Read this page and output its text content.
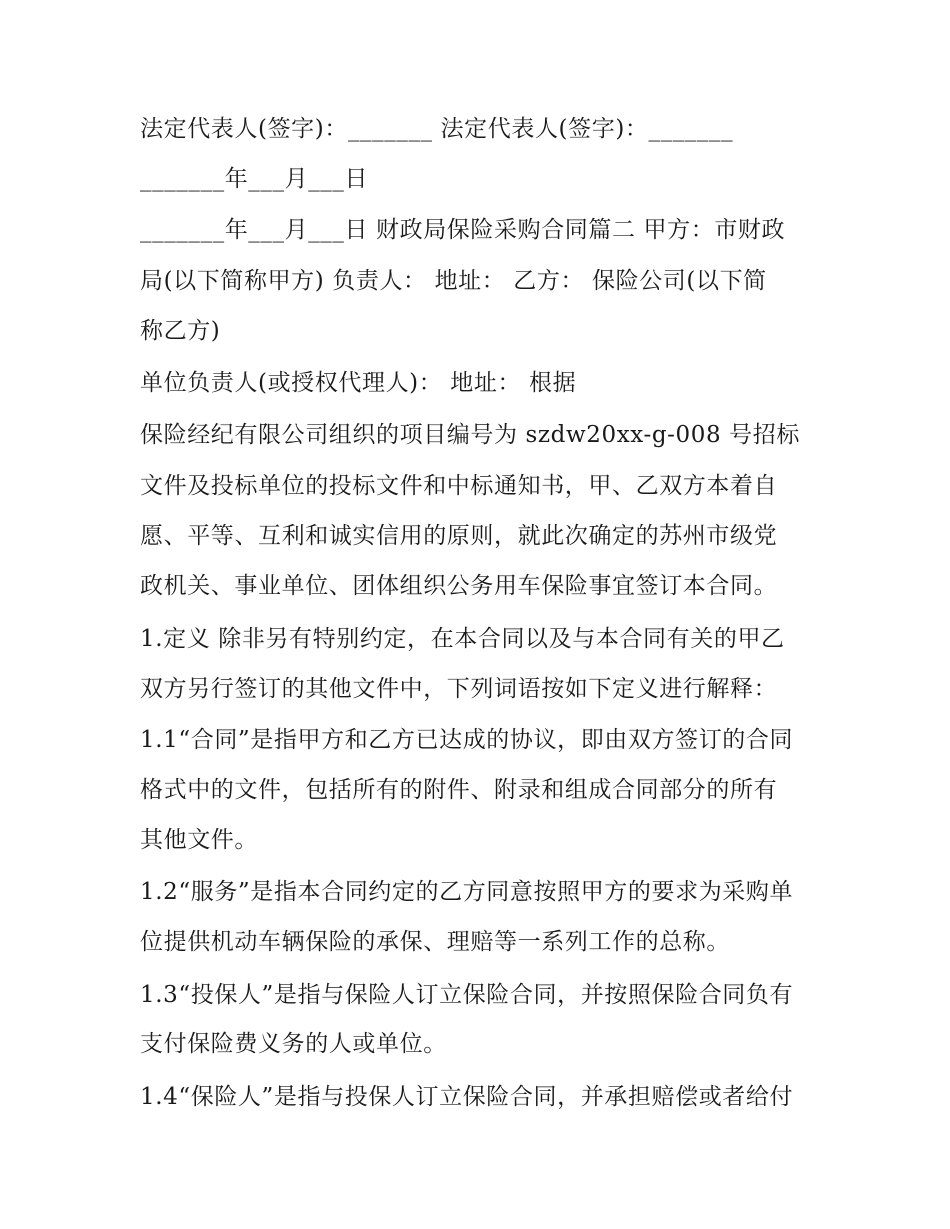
法定代表人(签字)：_______ 法定代表人(签字)：_______
_______年___月___日
_______年___月___日 财政局保险采购合同篇二 甲方：市财政
局(以下简称甲方) 负责人： 地址： 乙方： 保险公司(以下简
称乙方)
单位负责人(或授权代理人)： 地址： 根据
保险经纪有限公司组织的项目编号为 szdw20xx-g-008 号招标
文件及投标单位的投标文件和中标通知书，甲、乙双方本着自
愿、平等、互利和诚实信用的原则，就此次确定的苏州市级党
政机关、事业单位、团体组织公务用车保险事宜签订本合同。
1.定义 除非另有特别约定，在本合同以及与本合同有关的甲乙
双方另行签订的其他文件中，下列词语按如下定义进行解释：
1.1“合同”是指甲方和乙方已达成的协议，即由双方签订的合同
格式中的文件，包括所有的附件、附录和组成合同部分的所有
其他文件。
1.2“服务”是指本合同约定的乙方同意按照甲方的要求为采购单
位提供机动车辆保险的承保、理赔等一系列工作的总称。
1.3“投保人”是指与保险人订立保险合同，并按照保险合同负有
支付保险费义务的人或单位。
1.4“保险人”是指与投保人订立保险合同，并承担赔偿或者给付
